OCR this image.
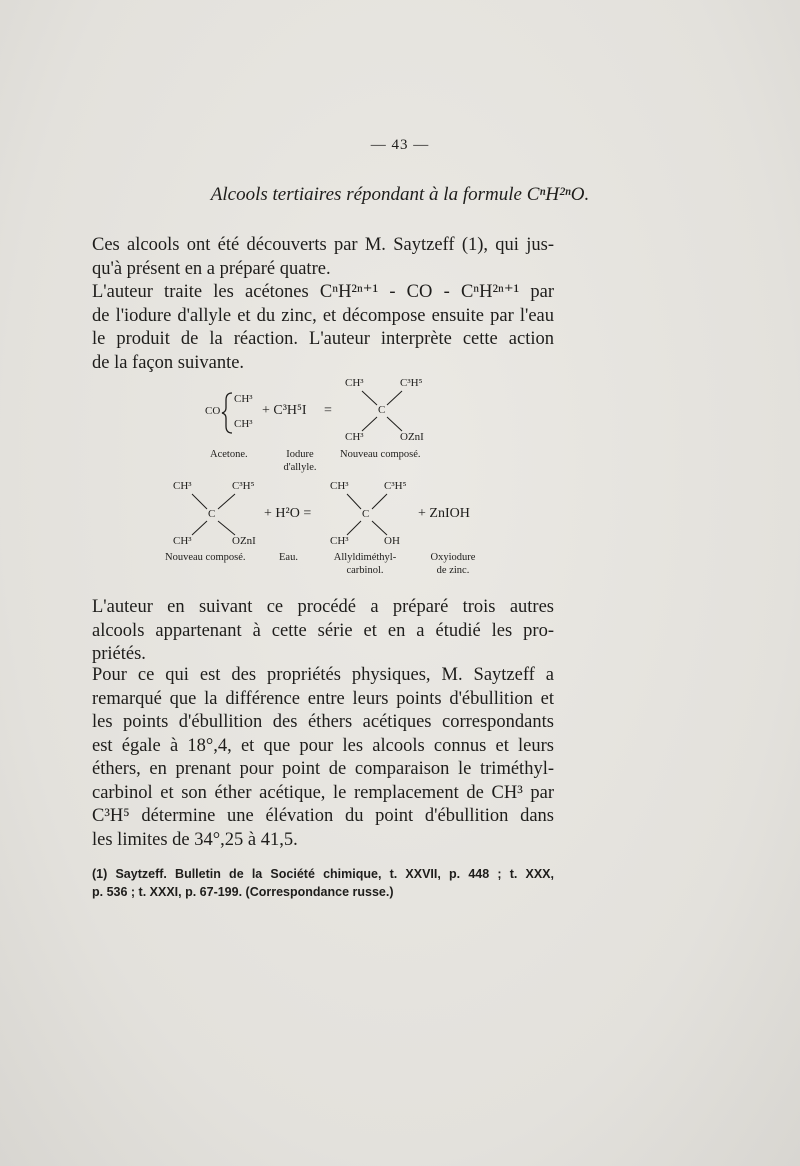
— 43 —
Alcools tertiaires répondant à la formule CⁿH²ⁿO.
Ces alcools ont été découverts par M. Saytzeff (1), qui jus-
qu'à présent en a préparé quatre.
L'auteur traite les acétones CⁿH²ⁿ⁺¹ - CO - CⁿH²ⁿ⁺¹ par
de l'iodure d'allyle et du zinc, et décompose ensuite par l'eau
le produit de la réaction. L'auteur interprète cette action
de la façon suivante.
CO
CH³
CH³
+ C³H⁵I =
CH³	C³H⁵
C
CH³	OZnI
Acetone.	Iodure
d'allyle.
Nouveau composé.
CH³	C³H⁵
C
CH³	OZnI
+ H²O =
CH³	C³H⁵
C
CH³	OH
+ ZnIOH
Nouveau composé.	Eau.	Allyldiméthyl-
carbinol.
Oxyiodure
de zinc.
L'auteur en suivant ce procédé a préparé trois autres
alcools appartenant à cette série et en a étudié les pro-
priétés.
Pour ce qui est des propriétés physiques, M. Saytzeff a
remarqué que la différence entre leurs points d'ébullition et
les points d'ébullition des éthers acétiques correspondants
est égale à 18°,4, et que pour les alcools connus et leurs
éthers, en prenant pour point de comparaison le triméthyl-
carbinol et son éther acétique, le remplacement de CH³ par
C³H⁵ détermine une élévation du point d'ébullition dans
les limites de 34°,25 à 41,5.
(1) Saytzeff. Bulletin de la Société chimique, t. XXVII, p. 448 ; t. XXX,
p. 536 ; t. XXXI, p. 67-199. (Correspondance russe.)
